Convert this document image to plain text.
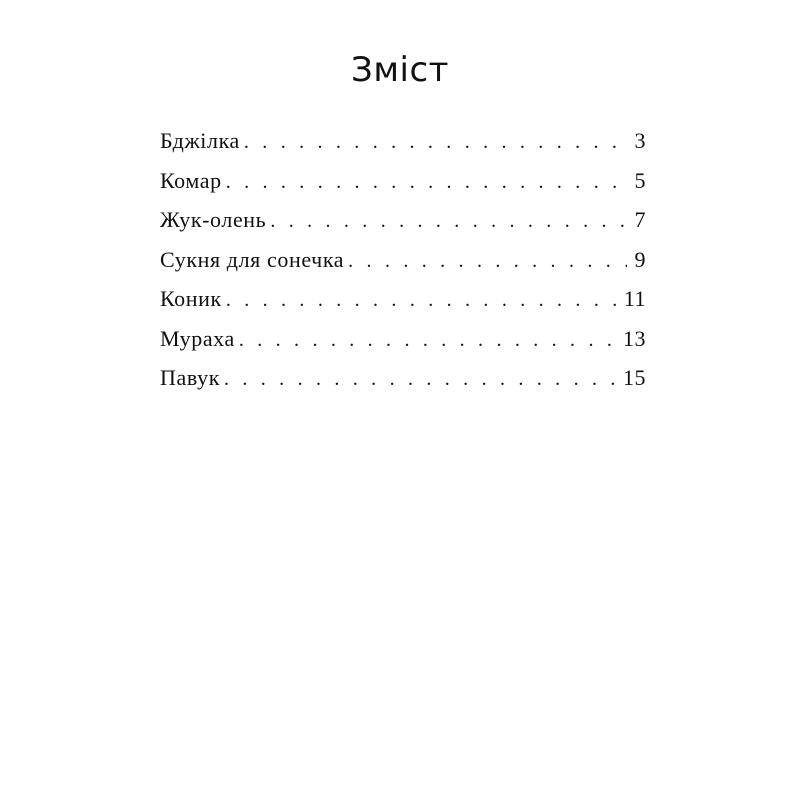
Зміст
Бджілка . . .	3
Комар . . .	5
Жук-олень . . .	7
Сукня для сонечка . . .	9
Коник . . .	11
Мураха . . .	13
Павук . . .	15
